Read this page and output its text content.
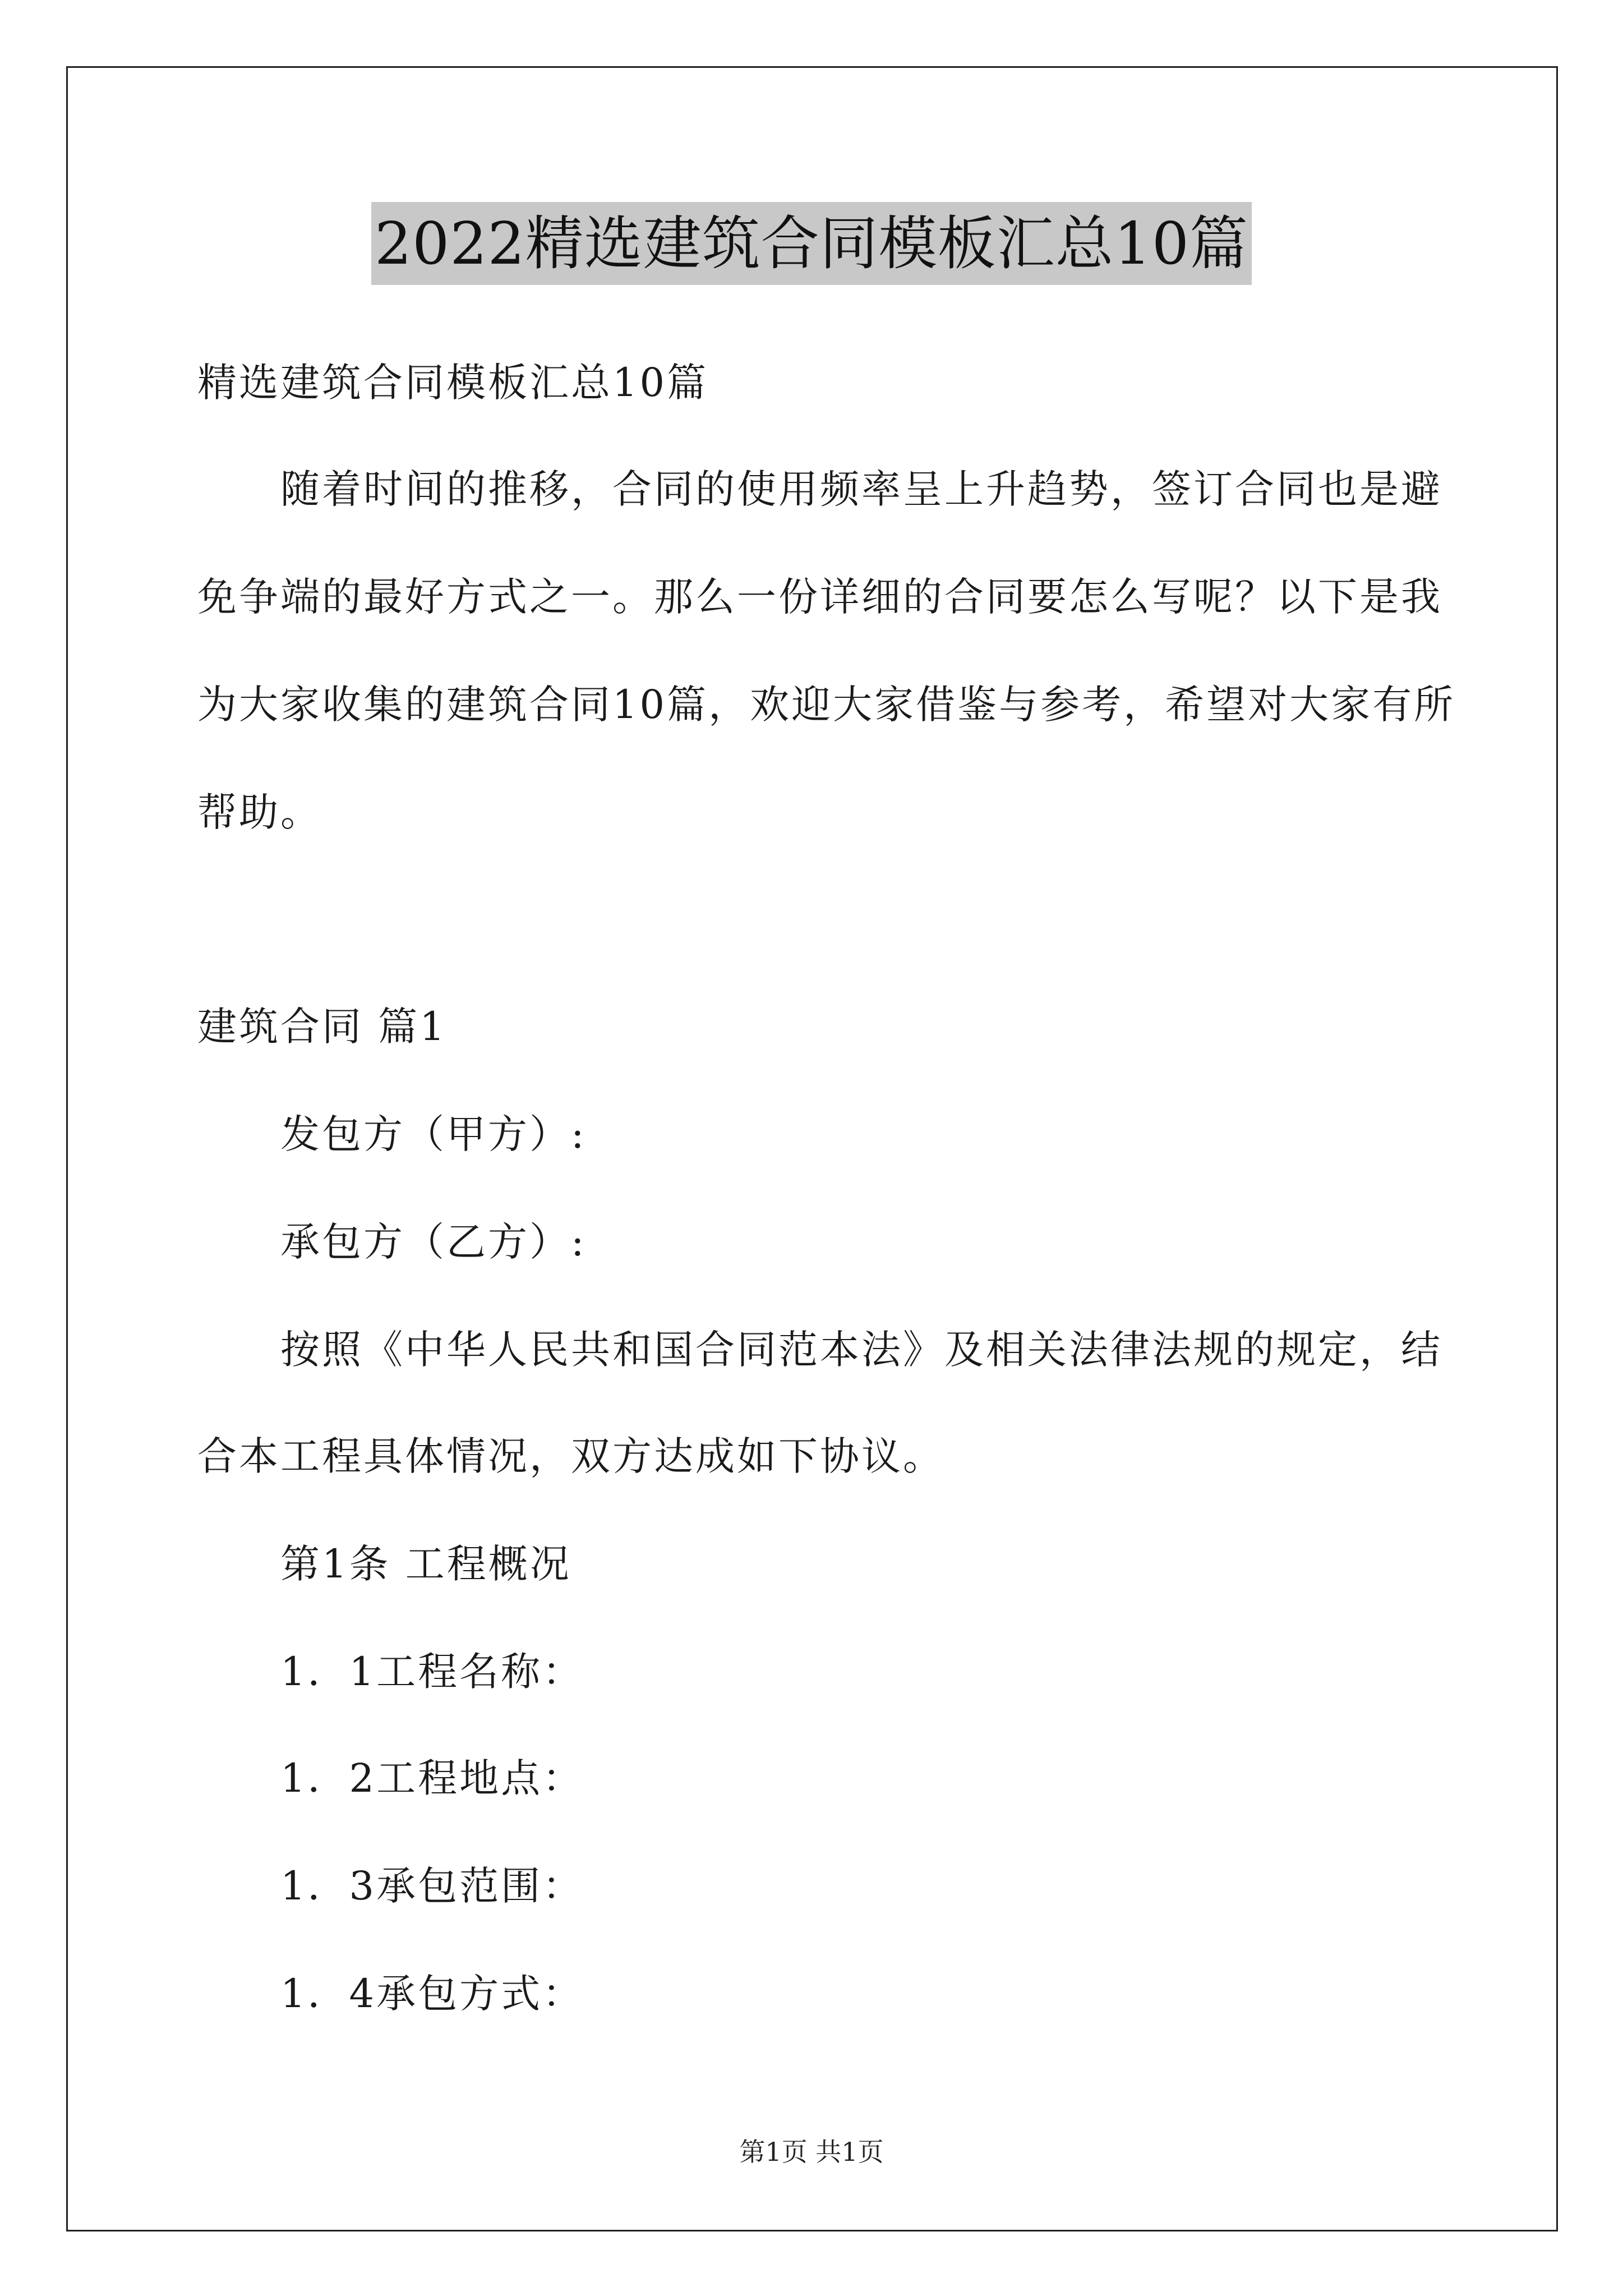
2022精选建筑合同模板汇总10篇
精选建筑合同模板汇总10篇
随着时间的推移，合同的使用频率呈上升趋势，签订合同也是避
免争端的最好方式之一。那么一份详细的合同要怎么写呢？以下是我
为大家收集的建筑合同10篇，欢迎大家借鉴与参考，希望对大家有所
帮助。
建筑合同 篇1
发包方（甲方）:
承包方（乙方）:
按照《中华人民共和国合同范本法》及相关法律法规的规定，结
合本工程具体情况，双方达成如下协议。
第1条 工程概况
1．1工程名称：
1．2工程地点：
1．3承包范围：
1．4承包方式：
第1页 共1页
